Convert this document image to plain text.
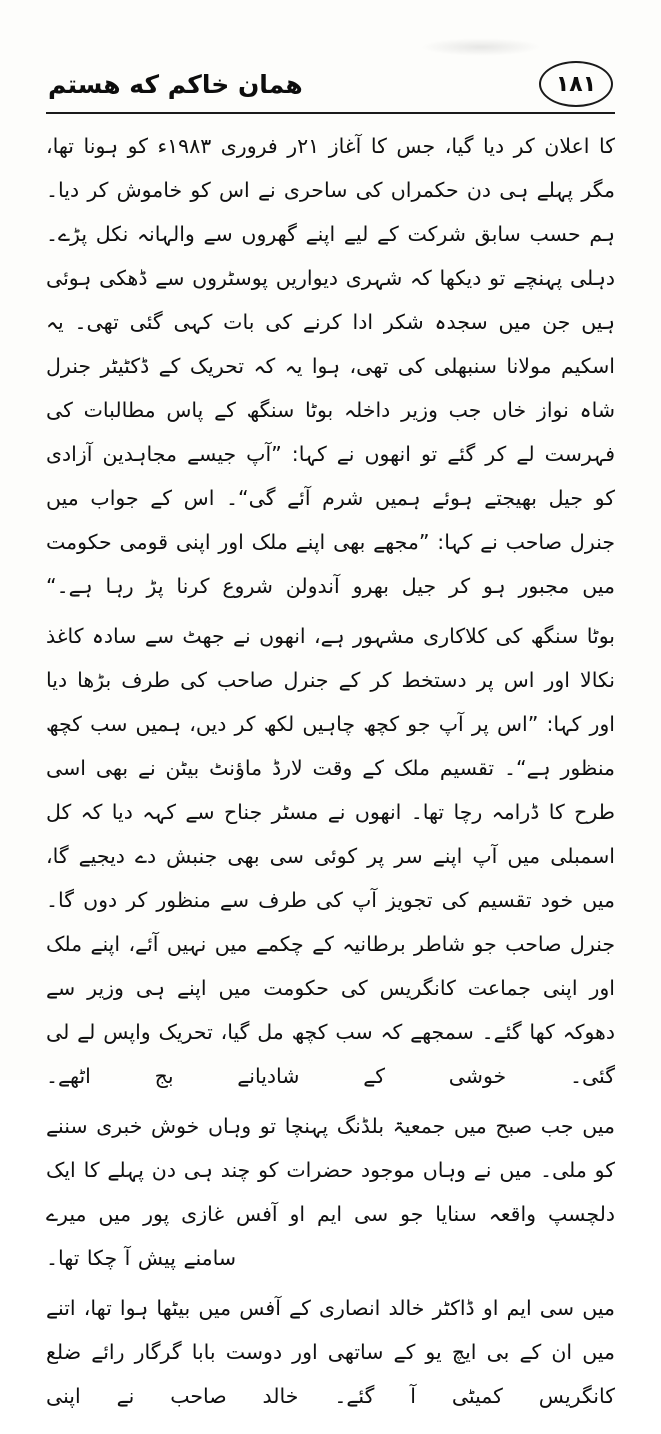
همان خاکم که هستم	۱۸۱

کا اعلان کر دیا گیا، جس کا آغاز ۲۱ر فروری ۱۹۸۳ء کو ہونا تھا، مگر پہلے ہی دن حکمراں کی ساحری نے اس کو خاموش کر دیا۔ ہم حسب سابق شرکت کے لیے اپنے گھروں سے والہانہ نکل پڑے۔ دہلی پہنچے تو دیکھا کہ شہری دیواریں پوسٹروں سے ڈھکی ہوئی ہیں جن میں سجدہ شکر ادا کرنے کی بات کہی گئی تھی۔ یہ اسکیم مولانا سنبھلی کی تھی، ہوا یہ کہ تحریک کے ڈکٹیٹر جنرل شاہ نواز خاں جب وزیر داخلہ بوٹا سنگھ کے پاس مطالبات کی فہرست لے کر گئے تو انھوں نے کہا: ”آپ جیسے مجاہدین آزادی کو جیل بھیجتے ہوئے ہمیں شرم آئے گی“۔ اس کے جواب میں جنرل صاحب نے کہا: ”مجھے بھی اپنے ملک اور اپنی قومی حکومت میں مجبور ہو کر جیل بھرو آندولن شروع کرنا پڑ رہا ہے۔“

بوٹا سنگھ کی کلاکاری مشہور ہے، انھوں نے جھٹ سے سادہ کاغذ نکالا اور اس پر دستخط کر کے جنرل صاحب کی طرف بڑھا دیا اور کہا: ”اس پر آپ جو کچھ چاہیں لکھ کر دیں، ہمیں سب کچھ منظور ہے“۔ تقسیم ملک کے وقت لارڈ ماؤنٹ بیٹن نے بھی اسی طرح کا ڈرامہ رچا تھا۔ انھوں نے مسٹر جناح سے کہہ دیا کہ کل اسمبلی میں آپ اپنے سر پر کوئی سی بھی جنبش دے دیجیے گا، میں خود تقسیم کی تجویز آپ کی طرف سے منظور کر دوں گا۔ جنرل صاحب جو شاطر برطانیہ کے چکمے میں نہیں آئے، اپنے ملک اور اپنی جماعت کانگریس کی حکومت میں اپنے ہی وزیر سے دھوکہ کھا گئے۔ سمجھے کہ سب کچھ مل گیا، تحریک واپس لے لی گئی۔ خوشی کے شادیانے بج اٹھے۔

میں جب صبح میں جمعیۃ بلڈنگ پہنچا تو وہاں خوش خبری سننے کو ملی۔ میں نے وہاں موجود حضرات کو چند ہی دن پہلے کا ایک دلچسپ واقعہ سنایا جو سی ایم او آفس غازی پور میں میرے سامنے پیش آ چکا تھا۔

میں سی ایم او ڈاکٹر خالد انصاری کے آفس میں بیٹھا ہوا تھا، اتنے میں ان کے بی ایچ یو کے ساتھی اور دوست بابا گرگار رائے ضلع کانگریس کمیٹی آ گئے۔ خالد صاحب نے اپنی
